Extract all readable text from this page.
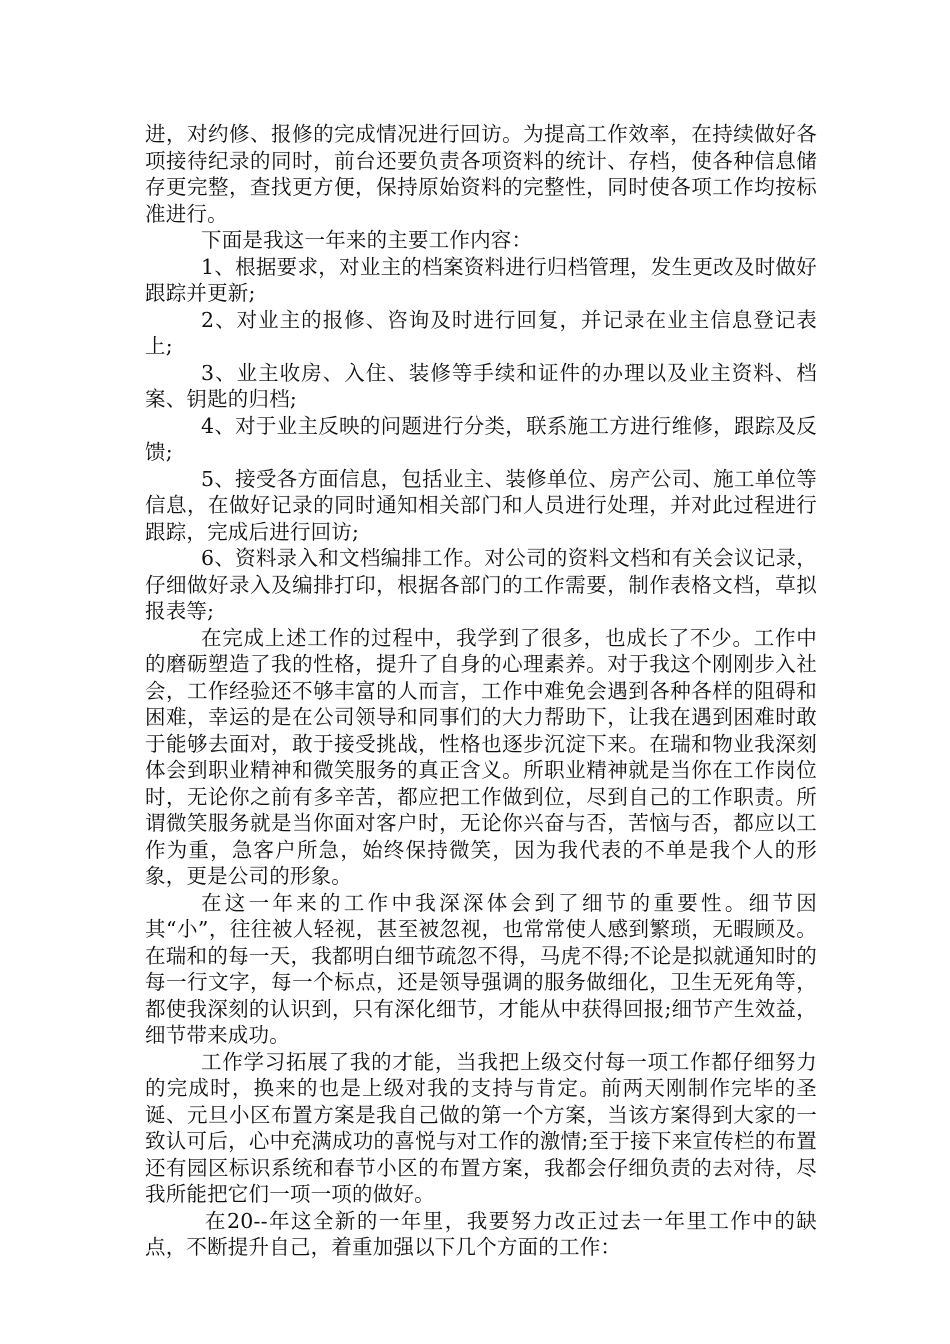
进，对约修、报修的完成情况进行回访。为提高工作效率，在持续做好各项接待纪录的同时，前台还要负责各项资料的统计、存档，使各种信息储存更完整，查找更方便，保持原始资料的完整性，同时使各项工作均按标准进行。

下面是我这一年来的主要工作内容：

1、根据要求，对业主的档案资料进行归档管理，发生更改及时做好跟踪并更新;

2、对业主的报修、咨询及时进行回复，并记录在业主信息登记表上;

3、业主收房、入住、装修等手续和证件的办理以及业主资料、档案、钥匙的归档;

4、对于业主反映的问题进行分类，联系施工方进行维修，跟踪及反馈;

5、接受各方面信息，包括业主、装修单位、房产公司、施工单位等信息，在做好记录的同时通知相关部门和人员进行处理，并对此过程进行跟踪，完成后进行回访;

6、资料录入和文档编排工作。对公司的资料文档和有关会议记录，仔细做好录入及编排打印，根据各部门的工作需要，制作表格文档，草拟报表等;

在完成上述工作的过程中，我学到了很多，也成长了不少。工作中的磨砺塑造了我的性格，提升了自身的心理素养。对于我这个刚刚步入社会，工作经验还不够丰富的人而言，工作中难免会遇到各种各样的阻碍和困难，幸运的是在公司领导和同事们的大力帮助下，让我在遇到困难时敢于能够去面对，敢于接受挑战，性格也逐步沉淀下来。在瑞和物业我深刻体会到职业精神和微笑服务的真正含义。所职业精神就是当你在工作岗位时，无论你之前有多辛苦，都应把工作做到位，尽到自己的工作职责。所谓微笑服务就是当你面对客户时，无论你兴奋与否，苦恼与否，都应以工作为重，急客户所急，始终保持微笑，因为我代表的不单是我个人的形象，更是公司的形象。

在这一年来的工作中我深深体会到了细节的重要性。细节因其“小”，往往被人轻视，甚至被忽视，也常常使人感到繁琐，无暇顾及。在瑞和的每一天，我都明白细节疏忽不得，马虎不得;不论是拟就通知时的每一行文字，每一个标点，还是领导强调的服务做细化，卫生无死角等，都使我深刻的认识到，只有深化细节，才能从中获得回报;细节产生效益，细节带来成功。

工作学习拓展了我的才能，当我把上级交付每一项工作都仔细努力的完成时，换来的也是上级对我的支持与肯定。前两天刚制作完毕的圣诞、元旦小区布置方案是我自己做的第一个方案，当该方案得到大家的一致认可后，心中充满成功的喜悦与对工作的激情;至于接下来宣传栏的布置还有园区标识系统和春节小区的布置方案，我都会仔细负责的去对待，尽我所能把它们一项一项的做好。

在20--年这全新的一年里，我要努力改正过去一年里工作中的缺点，不断提升自己，着重加强以下几个方面的工作：
